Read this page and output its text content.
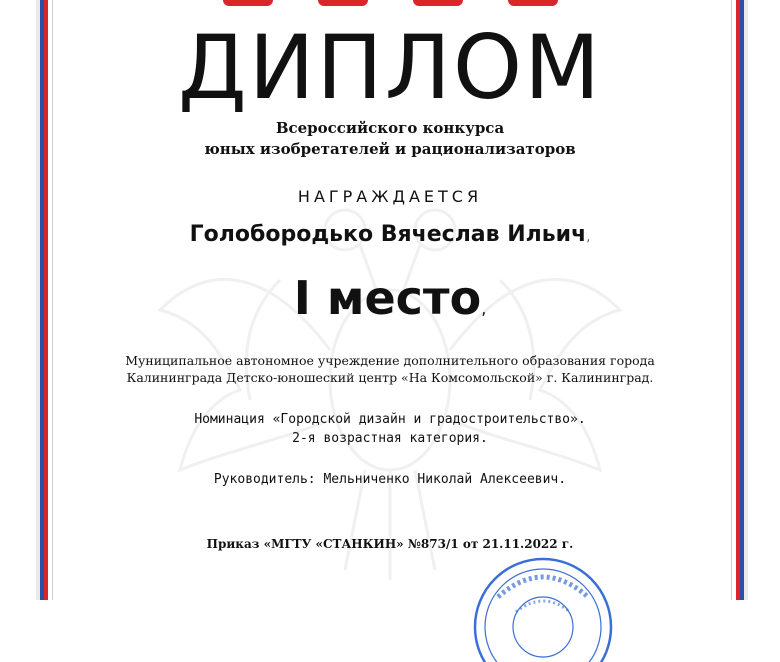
ДИПЛОМ
Всероссийского конкурса
юных изобретателей и рационализаторов
НАГРАЖДАЕТСЯ
Голобородько Вячеслав Ильич,
I место,
Муниципальное автономное учреждение дополнительного образования города
Калининграда Детско-юношеский центр «На Комсомольской» г. Калининград.
Номинация «Городской дизайн и градостроительство».
2-я возрастная категория.
Руководитель: Мельниченко Николай Алексеевич.
Приказ «МГТУ «СТАНКИН» №873/1 от 21.11.2022 г.
